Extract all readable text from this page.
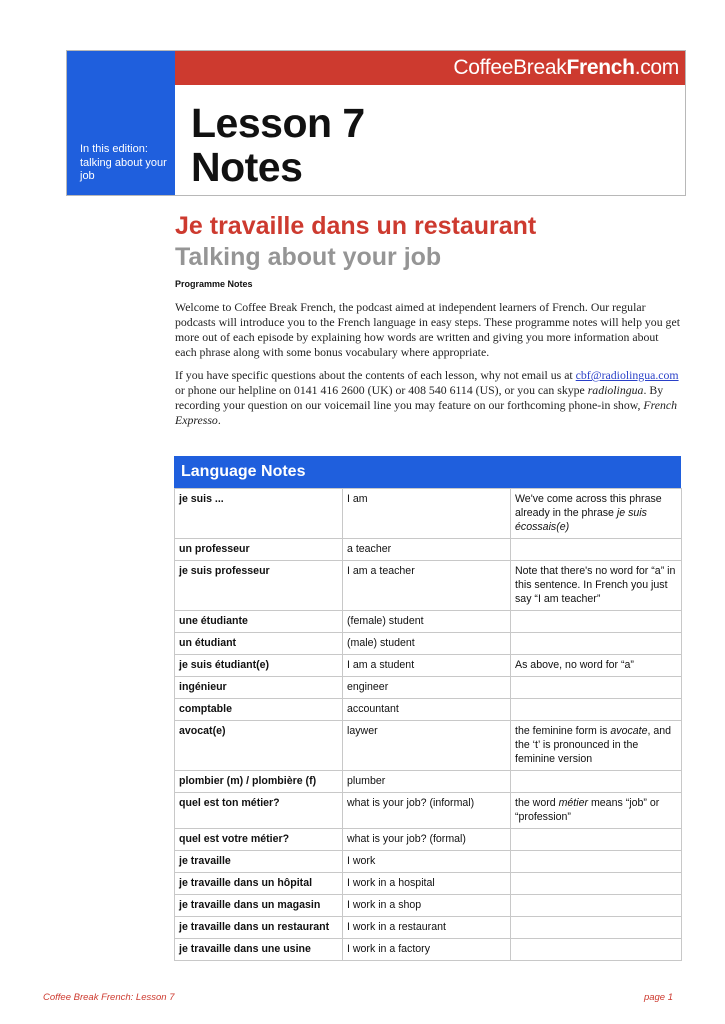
In this edition: talking about your job
CoffeeBreakFrench.com
Lesson 7
Notes
Je travaille dans un restaurant
Talking about your job
Programme Notes

Welcome to Coffee Break French, the podcast aimed at independent learners of French. Our regular podcasts will introduce you to the French language in easy steps. These programme notes will help you get more out of each episode by explaining how words are written and giving you more information about each phrase along with some bonus vocabulary where appropriate.

If you have specific questions about the contents of each lesson, why not email us at cbf@radiolingua.com or phone our helpline on 0141 416 2600 (UK) or 408 540 6114 (US), or you can skype radiolingua. By recording your question on our voicemail line you may feature on our forthcoming phone-in show, French Expresso.

Language Notes
je suis ...	I am	We've come across this phrase already in the phrase je suis écossais(e)
un professeur	a teacher	
je suis professeur	I am a teacher	Note that there's no word for “a” in this sentence. In French you just say “I am teacher”
une étudiante	(female) student	
un étudiant	(male) student	
je suis étudiant(e)	I am a student	As above, no word for “a”
ingénieur	engineer	
comptable	accountant	
avocat(e)	laywer	the feminine form is avocate, and the ‘t’ is pronounced in the feminine version
plombier (m) / plombière (f)	plumber	
quel est ton métier?	what is your job? (informal)	the word métier means “job” or “profession”
quel est votre métier?	what is your job? (formal)	
je travaille	I work	
je travaille dans un hôpital	I work in a hospital	
je travaille dans un magasin	I work in a shop	
je travaille dans un restaurant	I work in a restaurant	
je travaille dans une usine	I work in a factory	
Coffee Break French: Lesson 7	page 1
